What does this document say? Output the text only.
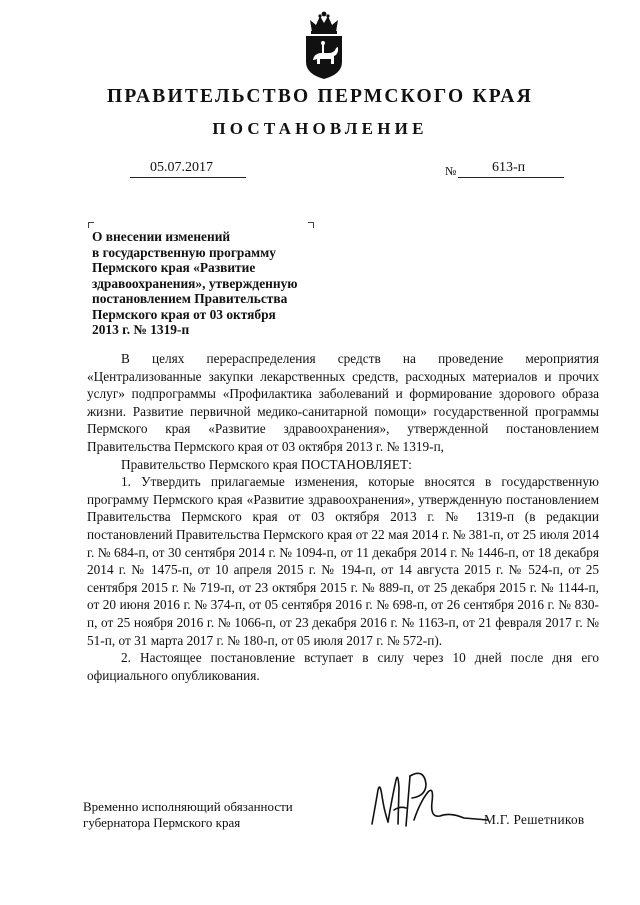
ПРАВИТЕЛЬСТВО ПЕРМСКОГО КРАЯ
ПОСТАНОВЛЕНИЕ
05.07.2017	№	613-п
О внесении изменений
в государственную программу
Пермского края «Развитие
здравоохранения», утвержденную
постановлением Правительства
Пермского края от 03 октября
2013 г. № 1319-п

В целях перераспределения средств на проведение мероприятия «Централизованные закупки лекарственных средств, расходных материалов и прочих услуг» подпрограммы «Профилактика заболеваний и формирование здорового образа жизни. Развитие первичной медико-санитарной помощи» государственной программы Пермского края «Развитие здравоохранения», утвержденной постановлением Правительства Пермского края от 03 октября 2013 г. № 1319-п,

Правительство Пермского края ПОСТАНОВЛЯЕТ:

1. Утвердить прилагаемые изменения, которые вносятся в государственную программу Пермского края «Развитие здравоохранения», утвержденную постановлением Правительства Пермского края от 03 октября 2013 г. № 1319-п (в редакции постановлений Правительства Пермского края от 22 мая 2014 г. № 381-п, от 25 июля 2014 г. № 684-п, от 30 сентября 2014 г. № 1094-п, от 11 декабря 2014 г. № 1446-п, от 18 декабря 2014 г. № 1475-п, от 10 апреля 2015 г. № 194-п, от 14 августа 2015 г. № 524-п, от 25 сентября 2015 г. № 719-п, от 23 октября 2015 г. № 889-п, от 25 декабря 2015 г. № 1144-п, от 20 июня 2016 г. № 374-п, от 05 сентября 2016 г. № 698-п, от 26 сентября 2016 г. № 830-п, от 25 ноября 2016 г. № 1066-п, от 23 декабря 2016 г. № 1163-п, от 21 февраля 2017 г. № 51-п, от 31 марта 2017 г. № 180-п, от 05 июля 2017 г. № 572-п).

2. Настоящее постановление вступает в силу через 10 дней после дня его официального опубликования.

Временно исполняющий обязанности
губернатора Пермского края	М.Г. Решетников
